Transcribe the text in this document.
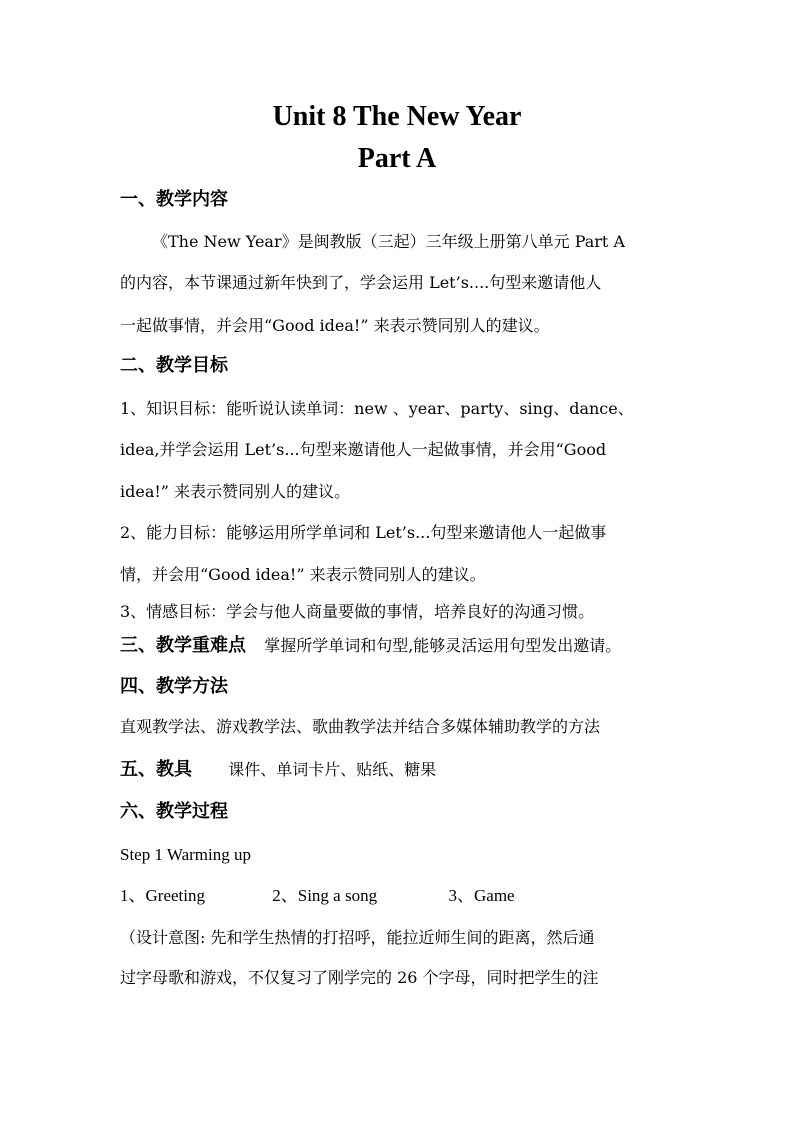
Unit 8 The New Year
Part A
一、教学内容
《The New Year》是闽教版（三起）三年级上册第八单元 Part A
的内容，本节课通过新年快到了，学会运用 Let’s....句型来邀请他人
一起做事情，并会用“Good idea!” 来表示赞同别人的建议。
二、教学目标
1、知识目标：能听说认读单词：new 、year、party、sing、dance、
idea,并学会运用 Let’s...句型来邀请他人一起做事情，并会用“Good
idea!” 来表示赞同别人的建议。
2、能力目标：能够运用所学单词和 Let’s...句型来邀请他人一起做事
情，并会用“Good idea!” 来表示赞同别人的建议。
3、情感目标：学会与他人商量要做的事情，培养良好的沟通习惯。
三、教学重难点 掌握所学单词和句型,能够灵活运用句型发出邀请。
四、教学方法
直观教学法、游戏教学法、歌曲教学法并结合多媒体辅助教学的方法
五、教具 课件、单词卡片、贴纸、糖果
六、教学过程
Step 1 Warming up
1、Greeting	2、Sing a song	3、Game
（设计意图: 先和学生热情的打招呼，能拉近师生间的距离，然后通
过字母歌和游戏，不仅复习了刚学完的 26 个字母，同时把学生的注
